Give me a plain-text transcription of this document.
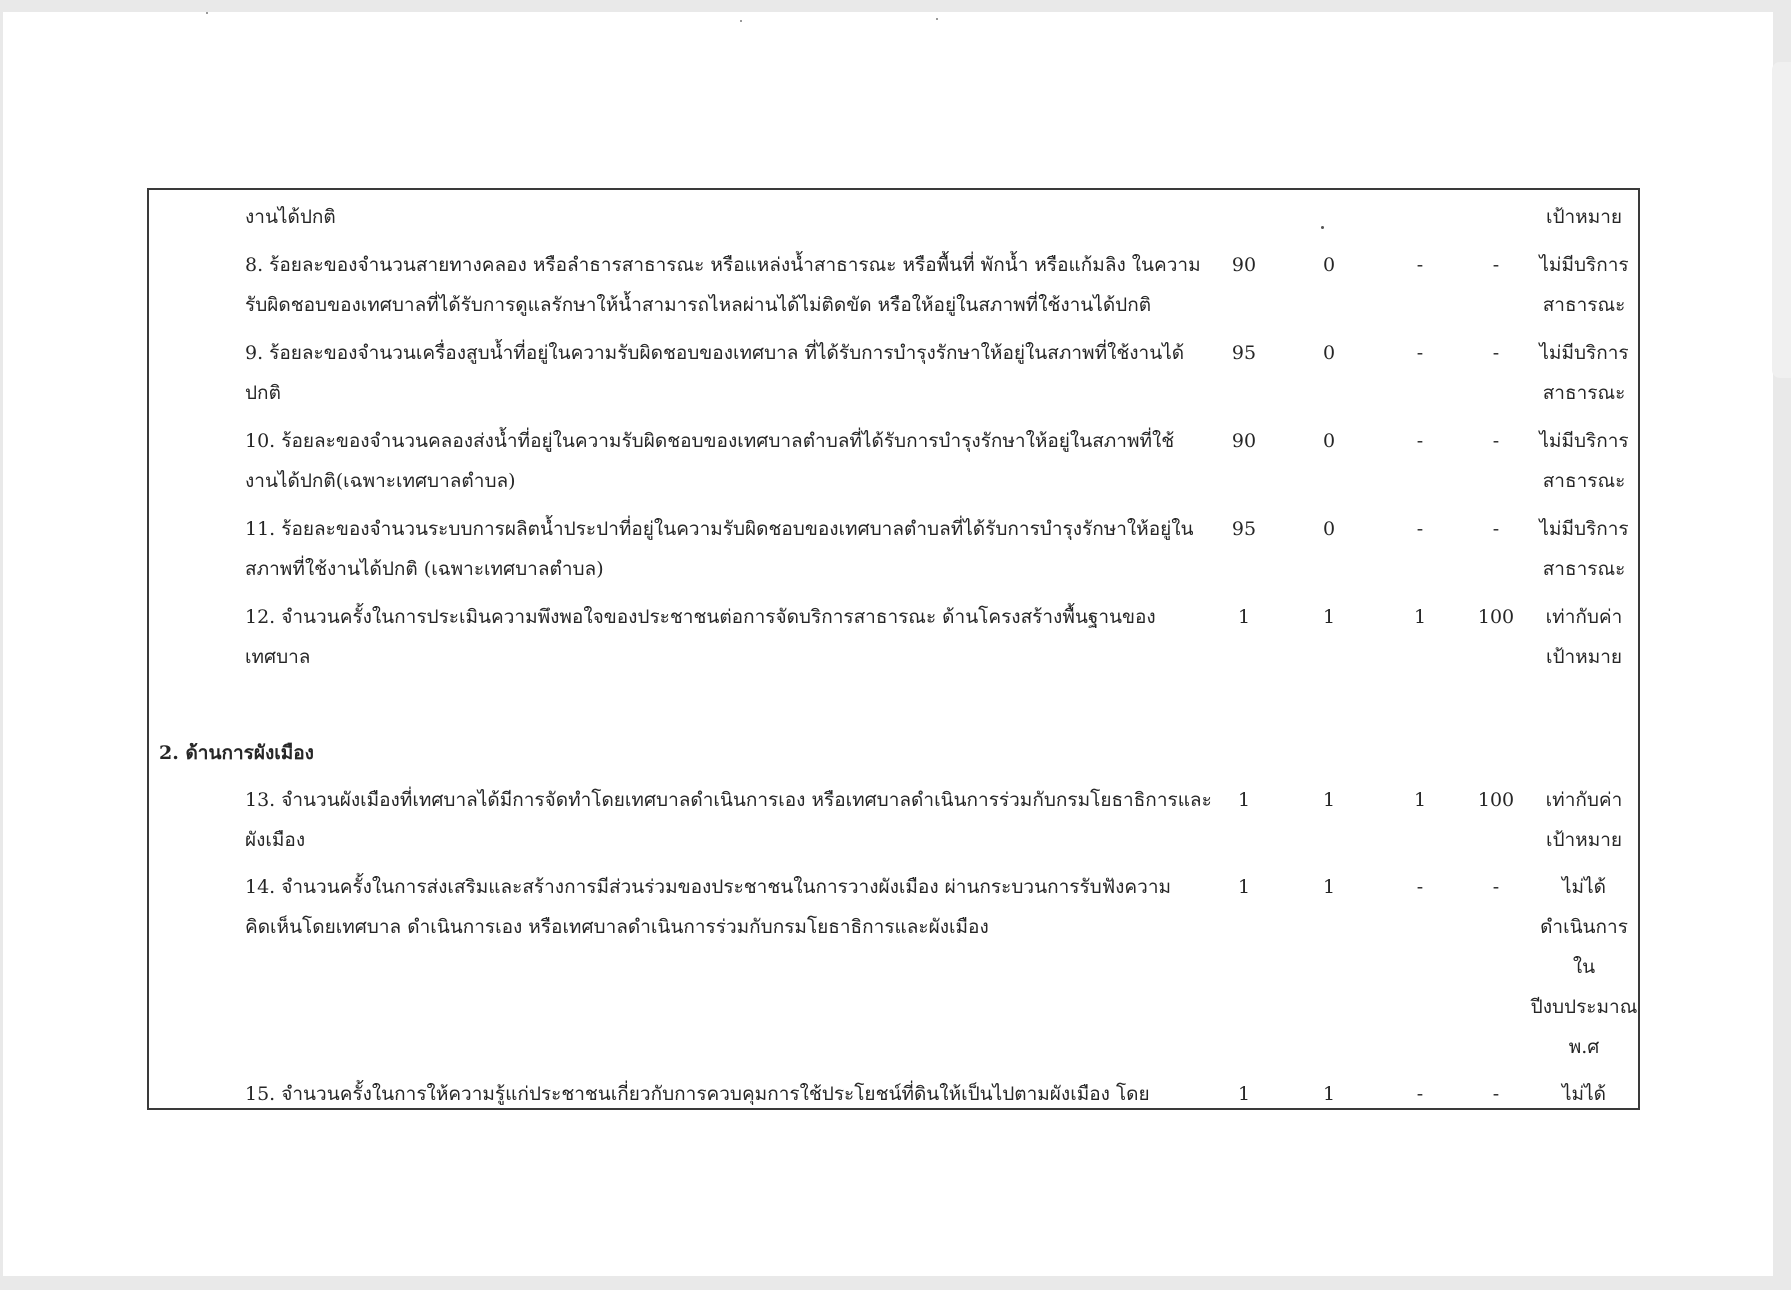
งานได้ปกติ	เป้าหมาย
8. ร้อยละของจำนวนสายทางคลอง หรือลำธารสาธารณะ หรือแหล่งน้ำสาธารณะ หรือพื้นที่ พักน้ำ หรือแก้มลิง ในความ
รับผิดชอบของเทศบาลที่ได้รับการดูแลรักษาให้น้ำสามารถไหลผ่านได้ไม่ติดขัด หรือให้อยู่ในสภาพที่ใช้งานได้ปกติ
90	0	-	-	ไม่มีบริการ
สาธารณะ
9. ร้อยละของจำนวนเครื่องสูบน้ำที่อยู่ในความรับผิดชอบของเทศบาล ที่ได้รับการบำรุงรักษาให้อยู่ในสภาพที่ใช้งานได้
ปกติ
95	0	-	-	ไม่มีบริการ
สาธารณะ
10. ร้อยละของจำนวนคลองส่งน้ำที่อยู่ในความรับผิดชอบของเทศบาลตำบลที่ได้รับการบำรุงรักษาให้อยู่ในสภาพที่ใช้
งานได้ปกติ(เฉพาะเทศบาลตำบล)
90	0	-	-	ไม่มีบริการ
สาธารณะ
11. ร้อยละของจำนวนระบบการผลิตน้ำประปาที่อยู่ในความรับผิดชอบของเทศบาลตำบลที่ได้รับการบำรุงรักษาให้อยู่ใน
สภาพที่ใช้งานได้ปกติ (เฉพาะเทศบาลตำบล)
95	0	-	-	ไม่มีบริการ
สาธารณะ
12. จำนวนครั้งในการประเมินความพึงพอใจของประชาชนต่อการจัดบริการสาธารณะ ด้านโครงสร้างพื้นฐานของ
เทศบาล
1	1	1	100	เท่ากับค่า
เป้าหมาย
2. ด้านการผังเมือง
13. จำนวนผังเมืองที่เทศบาลได้มีการจัดทำโดยเทศบาลดำเนินการเอง หรือเทศบาลดำเนินการร่วมกับกรมโยธาธิการและ
ผังเมือง
1	1	1	100	เท่ากับค่า
เป้าหมาย
14. จำนวนครั้งในการส่งเสริมและสร้างการมีส่วนร่วมของประชาชนในการวางผังเมือง ผ่านกระบวนการรับฟังความ
คิดเห็นโดยเทศบาล ดำเนินการเอง หรือเทศบาลดำเนินการร่วมกับกรมโยธาธิการและผังเมือง
1	1	-	-	ไม่ได้
ดำเนินการ
ใน
ปีงบประมาณ
พ.ศ
15. จำนวนครั้งในการให้ความรู้แก่ประชาชนเกี่ยวกับการควบคุมการใช้ประโยชน์ที่ดินให้เป็นไปตามผังเมือง โดย	1	1	-	-	ไม่ได้
